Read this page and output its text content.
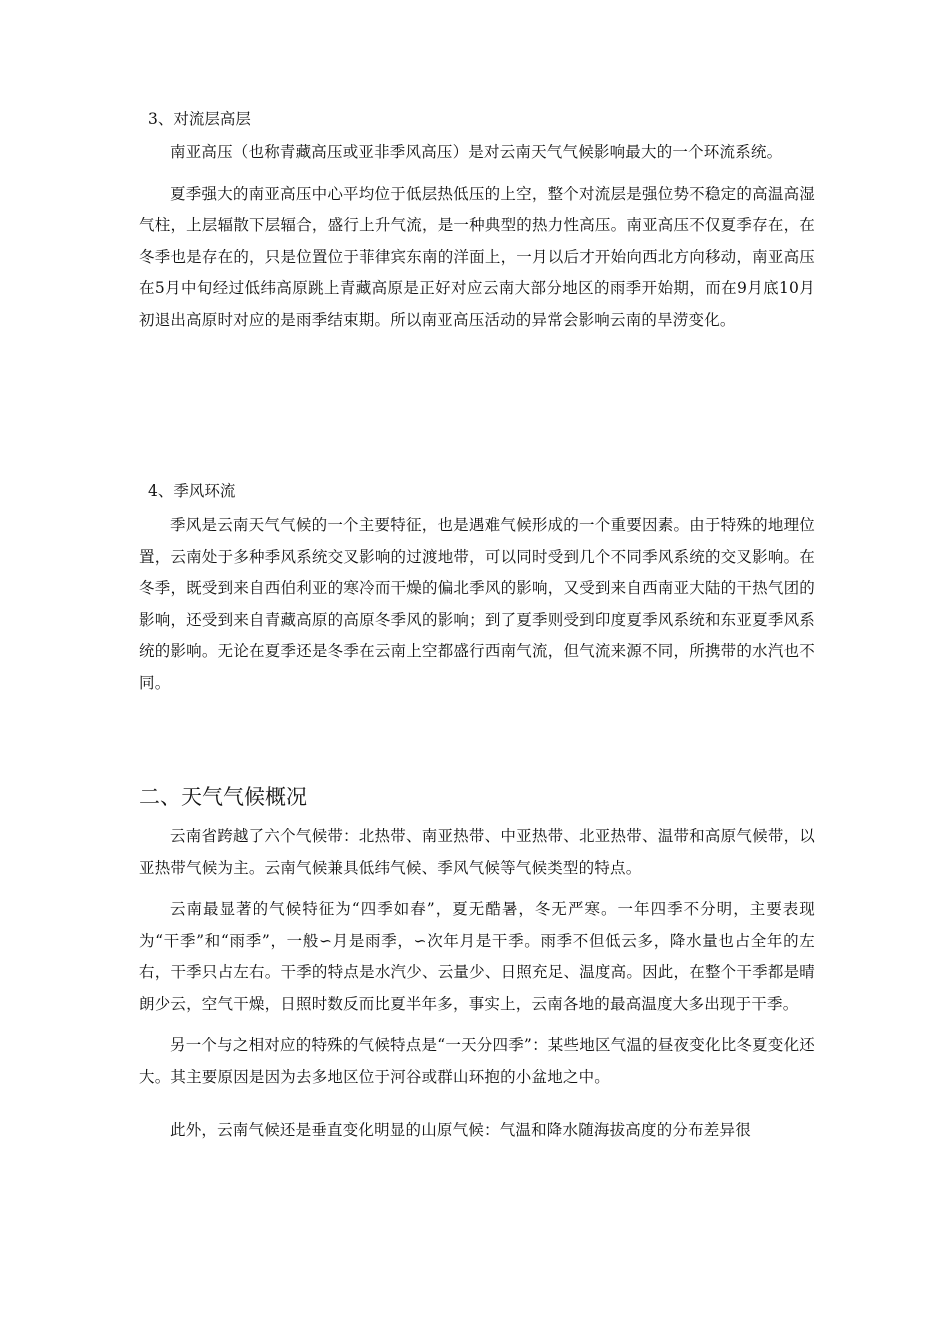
3、对流层高层

南亚高压（也称青藏高压或亚非季风高压）是对云南天气气候影响最大的一个环流系统。

夏季强大的南亚高压中心平均位于低层热低压的上空，整个对流层是强位势不稳定的高温高湿气柱，上层辐散下层辐合，盛行上升气流，是一种典型的热力性高压。南亚高压不仅夏季存在，在冬季也是存在的，只是位置位于菲律宾东南的洋面上，一月以后才开始向西北方向移动，南亚高压在5月中旬经过低纬高原跳上青藏高原是正好对应云南大部分地区的雨季开始期，而在9月底10月初退出高原时对应的是雨季结束期。所以南亚高压活动的异常会影响云南的旱涝变化。

4、季风环流

季风是云南天气气候的一个主要特征，也是遇难气候形成的一个重要因素。由于特殊的地理位置，云南处于多种季风系统交叉影响的过渡地带，可以同时受到几个不同季风系统的交叉影响。在冬季，既受到来自西伯利亚的寒冷而干燥的偏北季风的影响，又受到来自西南亚大陆的干热气团的影响，还受到来自青藏高原的高原冬季风的影响；到了夏季则受到印度夏季风系统和东亚夏季风系统的影响。无论在夏季还是冬季在云南上空都盛行西南气流，但气流来源不同，所携带的水汽也不同。

二、天气气候概况

云南省跨越了六个气候带：北热带、南亚热带、中亚热带、北亚热带、温带和高原气候带，以亚热带气候为主。云南气候兼具低纬气候、季风气候等气候类型的特点。

云南最显著的气候特征为“四季如春”，夏无酷暑，冬无严寒。一年四季不分明，主要表现为“干季”和“雨季”，一般∽月是雨季，∽次年月是干季。雨季不但低云多，降水量也占全年的左右，干季只占左右。干季的特点是水汽少、云量少、日照充足、温度高。因此，在整个干季都是晴朗少云，空气干燥，日照时数反而比夏半年多，事实上，云南各地的最高温度大多出现于干季。

另一个与之相对应的特殊的气候特点是“一天分四季”：某些地区气温的昼夜变化比冬夏变化还大。其主要原因是因为去多地区位于河谷或群山环抱的小盆地之中。

此外，云南气候还是垂直变化明显的山原气候：气温和降水随海拔高度的分布差异很
